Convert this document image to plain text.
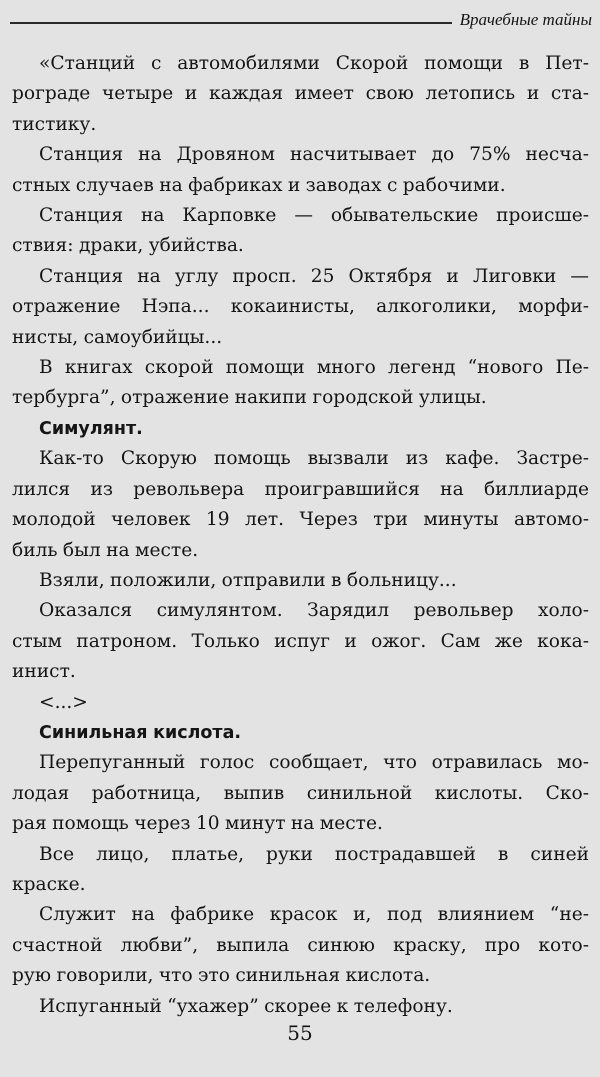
Врачебные тайны

«Станций с автомобилями Скорой помощи в Пет-
рограде четыре и каждая имеет свою летопись и ста-
тистику.

Станция на Дровяном насчитывает до 75% несча-
стных случаев на фабриках и заводах с рабочими.

Станция на Карповке — обывательские происше-
ствия: драки, убийства.

Станция на углу просп. 25 Октября и Лиговки —
отражение Нэпа... кокаинисты, алкоголики, морфи-
нисты, самоубийцы...

В книгах скорой помощи много легенд “нового Пе-
тербурга”, отражение накипи городской улицы.

Симулянт.

Как-то Скорую помощь вызвали из кафе. Застре-
лился из револьвера проигравшийся на биллиарде
молодой человек 19 лет. Через три минуты автомо-
биль был на месте.

Взяли, положили, отправили в больницу...

Оказался симулянтом. Зарядил револьвер холо-
стым патроном. Только испуг и ожог. Сам же кока-
инист.

<...>

Синильная кислота.

Перепуганный голос сообщает, что отравилась мо-
лодая работница, выпив синильной кислоты. Ско-
рая помощь через 10 минут на месте.

Все лицо, платье, руки пострадавшей в синей
краске.

Служит на фабрике красок и, под влиянием “не-
счастной любви”, выпила синюю краску, про кото-
рую говорили, что это синильная кислота.

Испуганный “ухажер” скорее к телефону.

55
